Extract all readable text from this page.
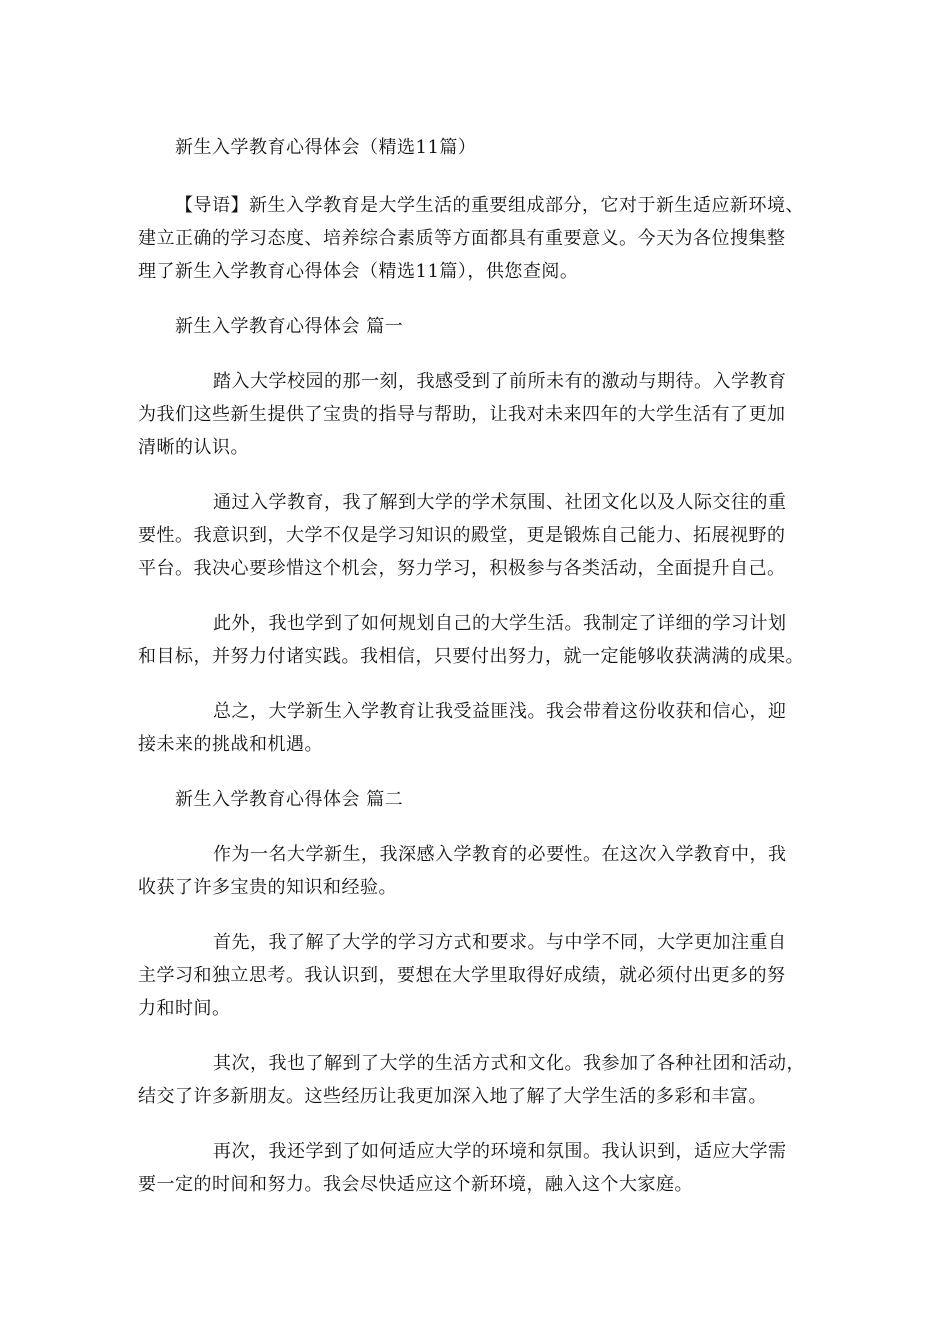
新生入学教育心得体会（精选11篇）
【导语】新生入学教育是大学生活的重要组成部分，它对于新生适应新环境、
建立正确的学习态度、培养综合素质等方面都具有重要意义。今天为各位搜集整
理了新生入学教育心得体会（精选11篇），供您查阅。
新生入学教育心得体会 篇一
踏入大学校园的那一刻，我感受到了前所未有的激动与期待。入学教育
为我们这些新生提供了宝贵的指导与帮助，让我对未来四年的大学生活有了更加
清晰的认识。
通过入学教育，我了解到大学的学术氛围、社团文化以及人际交往的重
要性。我意识到，大学不仅是学习知识的殿堂，更是锻炼自己能力、拓展视野的
平台。我决心要珍惜这个机会，努力学习，积极参与各类活动，全面提升自己。
此外，我也学到了如何规划自己的大学生活。我制定了详细的学习计划
和目标，并努力付诸实践。我相信，只要付出努力，就一定能够收获满满的成果。
总之，大学新生入学教育让我受益匪浅。我会带着这份收获和信心，迎
接未来的挑战和机遇。
新生入学教育心得体会 篇二
作为一名大学新生，我深感入学教育的必要性。在这次入学教育中，我
收获了许多宝贵的知识和经验。
首先，我了解了大学的学习方式和要求。与中学不同，大学更加注重自
主学习和独立思考。我认识到，要想在大学里取得好成绩，就必须付出更多的努
力和时间。
其次，我也了解到了大学的生活方式和文化。我参加了各种社团和活动，
结交了许多新朋友。这些经历让我更加深入地了解了大学生活的多彩和丰富。
再次，我还学到了如何适应大学的环境和氛围。我认识到，适应大学需
要一定的时间和努力。我会尽快适应这个新环境，融入这个大家庭。
